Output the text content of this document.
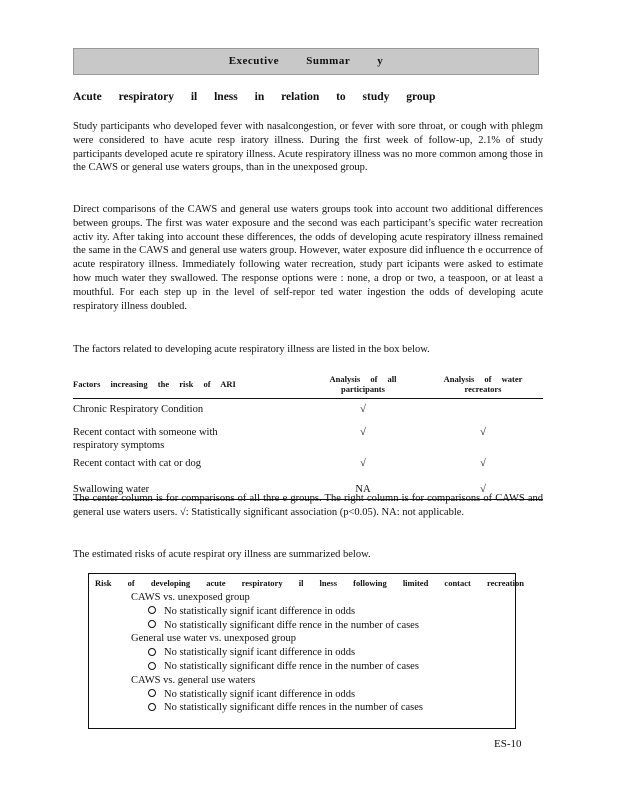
Executive Summar y
Acute respiratory il lness in relation to study group
Study participants who developed fever with nasalcongestion, or fever with sore throat, or cough with phlegm were considered to have acute resp iratory illness. During the first week of follow-up, 2.1% of study participants developed acute re spiratory illness. Acute respiratory illness was no more common among those in the CAWS or general use waters groups, than in the unexposed group.
Direct comparisons of the CAWS and general use waters groups took into account two additional differences between groups. The first was water exposure and the second was each participant’s specific water recreation activ ity. After taking into account these differences, the odds of developing acute respiratory illness remained the same in the CAWS and general use waters group. However, water exposure did influence th e occurrence of acute respiratory illness. Immediately following water recreation, study part icipants were asked to estimate how much water they swallowed. The response options were : none, a drop or two, a teaspoon, or at least a mouthful. For each step up in the level of self-repor ted water ingestion the odds of developing acute respiratory illness doubled.
The factors related to developing acute respiratory illness are listed in the box below.
Factors increasing the risk of ARI	Analysis of all participants	Analysis of water recreators
Chronic Respiratory Condition	√	
Recent contact with someone with respiratory symptoms	√	√
Recent contact with cat or dog	√	√
Swallowing water	NA	√
The center column is for comparisons of all thre e groups. The right column is for comparisons of CAWS and general use waters users. √: Statistically significant association (p<0.05). NA: not applicable.
The estimated risks of acute respirat ory illness are summarized below.
Risk of developing acute respiratory il lness following limited contact recreation
CAWS vs. unexposed group
No statistically signif icant difference in odds
No statistically significant diffe rence in the number of cases
General use water vs. unexposed group
No statistically signif icant difference in odds
No statistically significant diffe rence in the number of cases
CAWS vs. general use waters
No statistically signif icant difference in odds
No statistically significant diffe rences in the number of cases
ES-10
